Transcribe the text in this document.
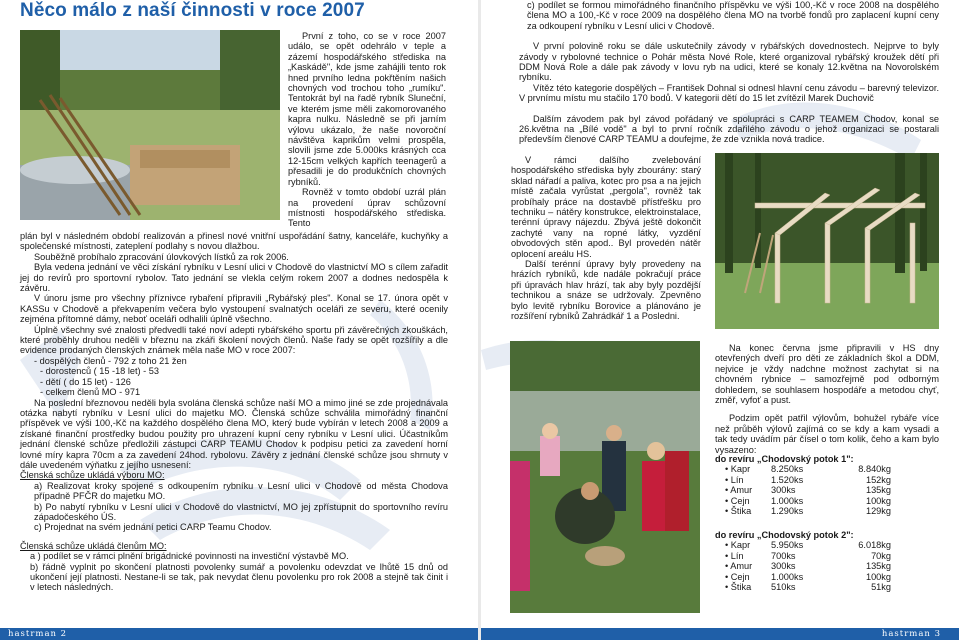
Něco málo z naší činnosti v roce 2007

První z toho, co se v roce 2007 událo, se opět odehrálo v teple a zázemí hospodářského střediska na „Kaskádě", kde jsme zahájili tento rok hned prvního ledna pokřtěním našich chovných vod trochou toho „rumíku". Tentokrát byl na řadě rybník Sluneční, ve kterém jsme měli zakomorovaného kapra nulku. Následně se při jarním výlovu ukázalo, že naše novoroční návštěva kaprikům velmi prospěla, slovili jsme zde 5.000ks krásných cca 12-15cm velkých kapřích teenagerů a přesadili je do produkčních chovných rybníků.

Rovněž v tomto období uzrál plán na provedení úprav schůzovní místnosti hospodářského střediska. Tento

plán byl v následném období realizován a přinesl nové vnitřní uspořádání šatny, kanceláře, kuchyňky a společenské místnosti, zateplení podlahy s novou dlažbou.

Souběžně probíhalo zpracování úlovkových lístků za rok 2006.

Byla vedena jednání ve věci získání rybníku v Lesní ulici v Chodově do vlastnictví MO s cílem zařadit jej do revírů pro sportovní rybolov. Tato jednání se vlekla celým rokem 2007 a dodnes nedospěla k závěru.

V únoru jsme pro všechny příznivce rybaření připravili „Rybářský ples". Konal se 17. února opět v KASSu v Chodově a překvapením večera bylo vystoupení svalnatých oceláři ze severu, které ocenily zejména přítomné dámy, neboť oceláři odhalili úplně všechno.

Úplně všechny své znalosti předvedli také noví adepti rybářského sportu při závěrečných zkouškách, které proběhly druhou neděli v březnu na zkáři školení nových členů. Naše řady se opět rozšířily a dle evidence prodaných členských známek měla naše MO v roce 2007:

- dospělých členů - 792 z toho 21 žen

- dorostenců ( 15 -18 let) - 53

- dětí ( do 15 let) - 126

- celkem členů MO - 971

Na poslední březnovou neděli byla svolána členská schůze naší MO a mimo jiné se zde projednávala otázka nabytí rybníku v Lesní ulici do majetku MO. Členská schůze schválila mimořádný finanční příspěvek ve výši 100,-Kč na každého dospělého člena MO, který bude vybírán v letech 2008 a 2009 a získané finanční prostředky budou použity pro uhrazení kupní ceny rybníku v Lesní ulici. Účastníkům jednání členské schůze předložili zástupci CARP TEAMU Chodov k podpisu petici za zavedení horní lovné míry kapra 70cm a za zavedení 24hod. rybolovu. Závěry z jednání členské schůze jsou shrnuty v dále uvedeném výňatku z jejího usnesení:

Členská schůze ukládá výboru MO:

a) Realizovat kroky spojené s odkoupením rybníku v Lesní ulici v Chodově od města Chodova případně PFČR do majetku MO.

b) Po nabytí rybníku v Lesní ulici v Chodově do vlastnictví, MO jej zpřístupnit do sportovního revíru západočeského ÚS.

c) Projednat na svém jednání petici CARP Teamu Chodov.

Členská schůze ukládá členům MO:

a ) podílet se v rámci plnění brigádnické povinnosti na investiční výstavbě MO.

b) řádně vyplnit po skončení platnosti povolenky sumář a povolenku odevzdat ve lhůtě 15 dnů od ukončení její platnosti. Nestane-li se tak, pak nevydat členu povolenku pro rok 2008 a stejně tak činit i v letech následných.

c) podílet se formou mimořádného finančního příspěvku ve výši 100,-Kč v roce 2008 na dospělého člena MO a 100,-Kč v roce 2009 na dospělého člena MO na tvorbě fondů pro zaplacení kupní ceny za odkoupení rybníku v Lesní ulici v Chodově.

V první polovině roku se dále uskutečnily závody v rybářských dovednostech. Nejprve to byly závody v rybolovné technice o Pohár města Nové Role, které organizoval rybářský kroužek dětí při DDM Nová Role a dále pak závody v lovu ryb na udici, které se konaly 12.května na Novorolském rybníku.

Vítěz této kategorie dospělých – František Dohnal si odnesl hlavní cenu závodu – barevný televizor. V prvnímu místu mu stačilo 170 bodů. V kategorii dětí do 15 let zvítězil Marek Duchovič

Dalším závodem pak byl závod pořádaný ve spolupráci s CARP TEAMEM Chodov, konal se 26.května na „Bílé vodě" a byl to první ročník zdařilého závodu o jehož organizaci se postarali především členové CARP TEAMU a doufejme, že zde vznikla nová tradice.

V rámci dalšího zvelebování hospodářského střediska byly zbourány: starý sklad nářadí a paliva, kotec pro psa a na jejich místě začala vyrůstat „pergola", rovněž tak probíhaly práce na dostavbě přístřešku pro techniku – nátěry konstrukce, elektroinstalace, terénní úpravy nájezdu. Zbývá ještě dokončit zachyté vany na ropné látky, vyzdění obvodových stěn apod.. Byl provedén nátěr oplocení areálu HS.

Další terénní úpravy byly provedeny na hrázích rybníků, kde nadále pokračují práce při úpravách hlav hrází, tak aby byly pozdější technikou a snáze se udržovaly. Zpevněno bylo levitě rybníku Borovice a plánováno je rozšíření rybníků Zahrádkář 1 a Posledni.

Na konec června jsme připravili v HS dny otevřených dveří pro děti ze základních škol a DDM, nejvice je vždy nadchne možnost zachytat si na chovném rybnice – samozřejmě pod odborným dohledem, se souhlasem hospodáře a metodou chyť, změř, vyfoť a pust.

Podzim opět patřil výlovům, bohužel rybáře více než průběh výlovů zajímá co se kdy a kam vysadi a tak tedy uvádím pár čísel o tom kolik, čeho a kam bylo vysazeno:

do revíru „Chodovský potok 1":

• Kapr	8.250ks	8.840kg
• Lín	1.520ks	152kg
• Amur	300ks	135kg
• Cejn	1.000ks	100kg
• Štika	1.290ks	129kg

do revíru „Chodovský potok 2":

• Kapr	5.950ks	6.018kg
• Lín	700ks	70kg
• Amur	300ks	135kg
• Cejn	1.000ks	100kg
• Štika	510ks	51kg
hastrman 2	hastrman 3
